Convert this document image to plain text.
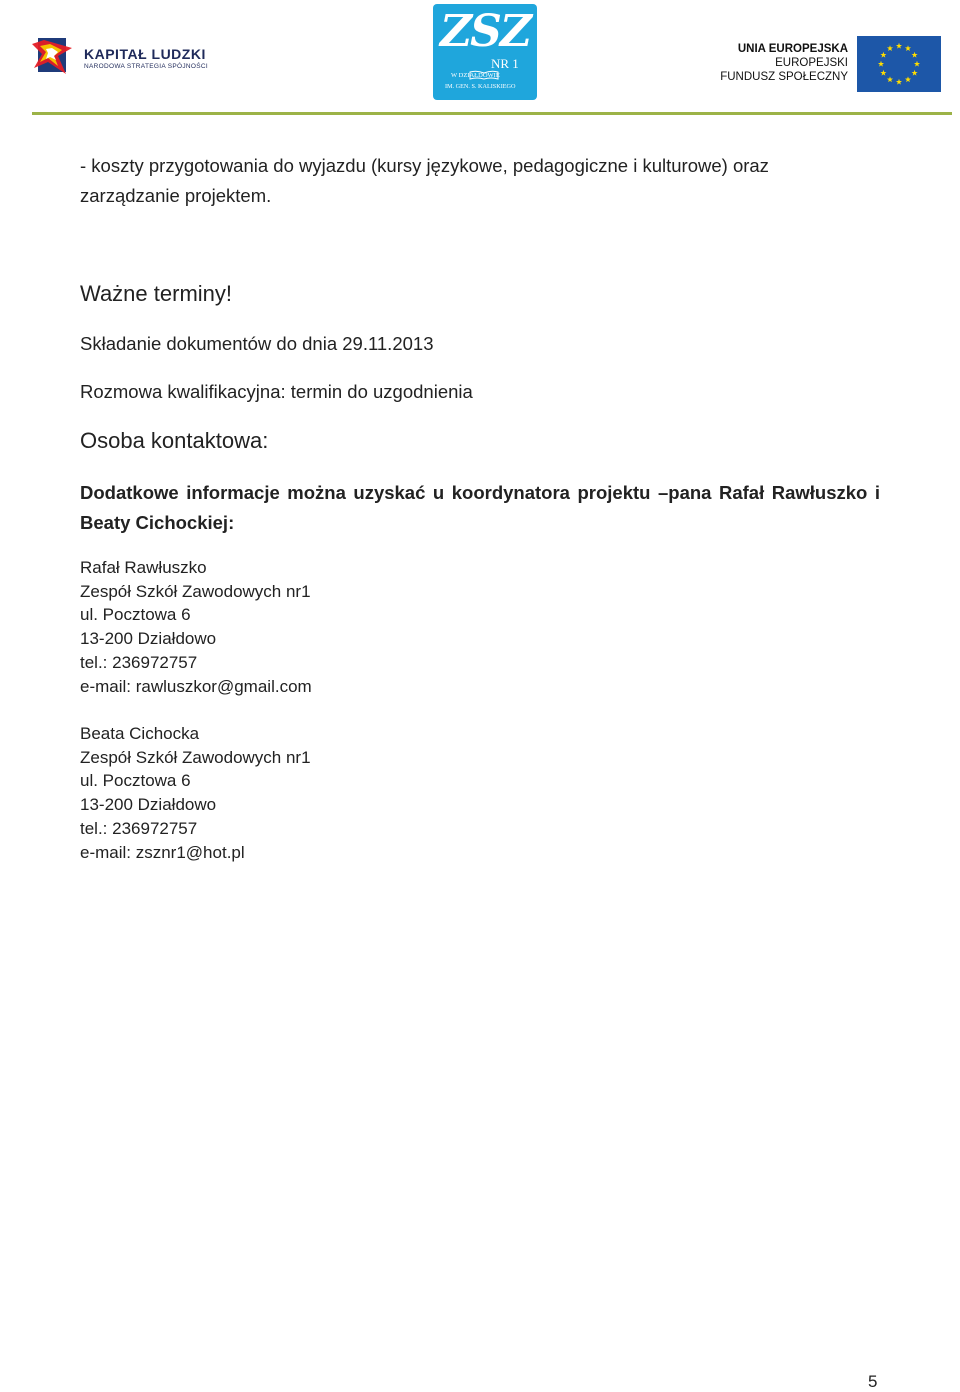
KAPITAŁ LUDZKI
NARODOWA STRATEGIA SPÓJNOŚCI
ZSZ
NR 1
W DZIAŁDOWIE
IM. GEN. S. KALISKIEGO
UNIA EUROPEJSKA
EUROPEJSKI
FUNDUSZ SPOŁECZNY
- koszty przygotowania do wyjazdu (kursy językowe, pedagogiczne i kulturowe) oraz
zarządzanie projektem.
Ważne terminy!
Składanie dokumentów do dnia 29.11.2013
Rozmowa kwalifikacyjna: termin do uzgodnienia
Osoba kontaktowa:
Dodatkowe informacje można uzyskać u koordynatora projektu –pana Rafał Rawłuszko i
Beaty Cichockiej:
Rafał Rawłuszko
Zespół Szkół Zawodowych nr1
ul. Pocztowa 6
13-200 Działdowo
tel.: 236972757
e-mail: rawluszkor@gmail.com
Beata Cichocka
Zespół Szkół Zawodowych nr1
ul. Pocztowa 6
13-200 Działdowo
tel.: 236972757
e-mail: zsznr1@hot.pl
5
